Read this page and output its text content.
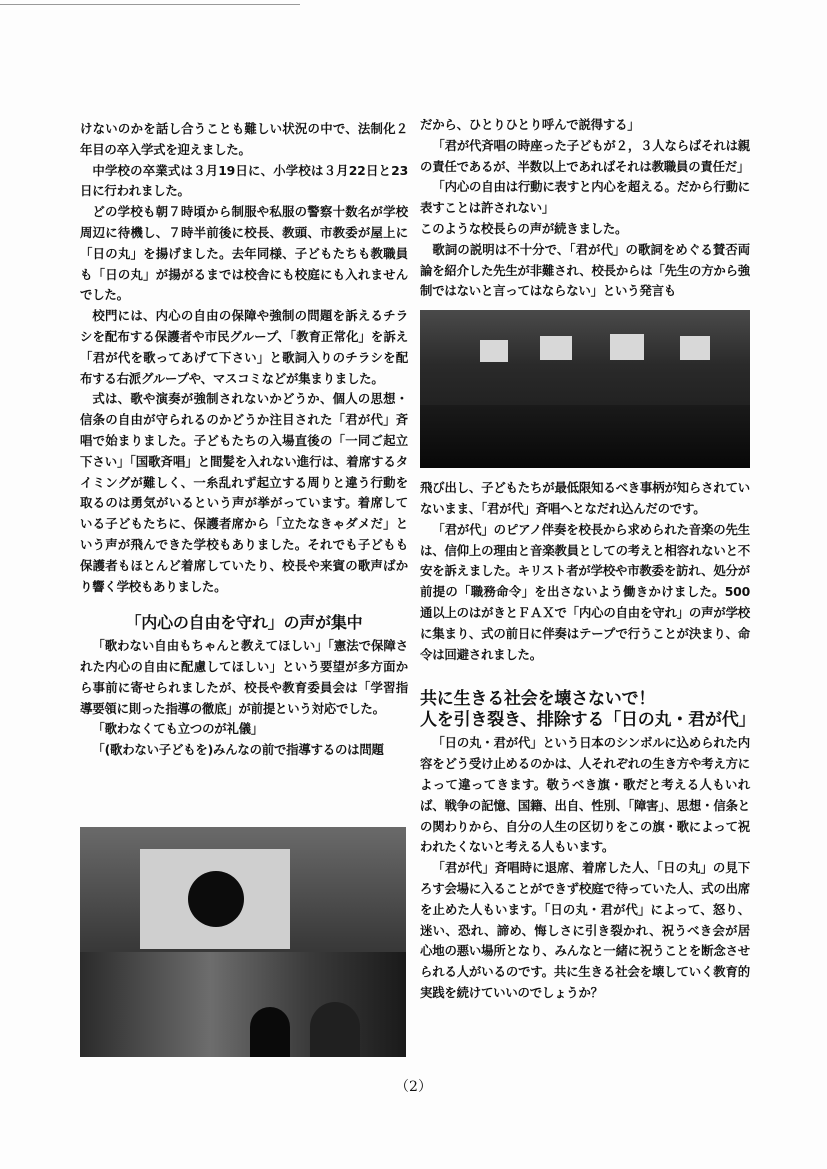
けないのかを話し合うことも難しい状況の中で、法制化２年目の卒入学式を迎えました。

中学校の卒業式は３月19日に、小学校は３月22日と23日に行われました。

どの学校も朝７時頃から制服や私服の警察十数名が学校周辺に待機し、７時半前後に校長、教頭、市教委が屋上に「日の丸」を揚げました。去年同様、子どもたちも教職員も「日の丸」が揚がるまでは校舎にも校庭にも入れませんでした。

校門には、内心の自由の保障や強制の問題を訴えるチラシを配布する保護者や市民グループ、「教育正常化」を訴え「君が代を歌ってあげて下さい」と歌詞入りのチラシを配布する右派グループや、マスコミなどが集まりました。

式は、歌や演奏が強制されないかどうか、個人の思想・信条の自由が守られるのかどうか注目された「君が代」斉唱で始まりました。子どもたちの入場直後の「一同ご起立下さい」「国歌斉唱」と間髪を入れない進行は、着席するタイミングが難しく、一糸乱れず起立する周りと違う行動を取るのは勇気がいるという声が挙がっています。着席している子どもたちに、保護者席から「立たなきゃダメだ」という声が飛んできた学校もありました。それでも子どもも保護者もほとんど着席していたり、校長や来賓の歌声ばかり響く学校もありました。

「内心の自由を守れ」の声が集中

「歌わない自由もちゃんと教えてほしい」「憲法で保障された内心の自由に配慮してほしい」という要望が多方面から事前に寄せられましたが、校長や教育委員会は「学習指導要領に則った指導の徹底」が前提という対応でした。

「歌わなくても立つのが礼儀」

「(歌わない子どもを)みんなの前で指導するのは問題

だから、ひとりひとり呼んで説得する」

「君が代斉唱の時座った子どもが２，３人ならばそれは親の責任であるが、半数以上であればそれは教職員の責任だ」

「内心の自由は行動に表すと内心を超える。だから行動に表すことは許されない」

このような校長らの声が続きました。

歌詞の説明は不十分で、「君が代」の歌詞をめぐる賛否両論を紹介した先生が非難され、校長からは「先生の方から強制ではないと言ってはならない」という発言も

飛び出し、子どもたちが最低限知るべき事柄が知らされていないまま、「君が代」斉唱へとなだれ込んだのです。

「君が代」のピアノ伴奏を校長から求められた音楽の先生は、信仰上の理由と音楽教員としての考えと相容れないと不安を訴えました。キリスト者が学校や市教委を訪れ、処分が前提の「職務命令」を出さないよう働きかけました。500通以上のはがきとＦＡＸで「内心の自由を守れ」の声が学校に集まり、式の前日に伴奏はテープで行うことが決まり、命令は回避されました。

共に生きる社会を壊さないで！

人を引き裂き、排除する「日の丸・君が代」

「日の丸・君が代」という日本のシンボルに込められた内容をどう受け止めるのかは、人それぞれの生き方や考え方によって違ってきます。敬うべき旗・歌だと考える人もいれば、戦争の記憶、国籍、出自、性別、「障害」、思想・信条との関わりから、自分の人生の区切りをこの旗・歌によって祝われたくないと考える人もいます。

「君が代」斉唱時に退席、着席した人、「日の丸」の見下ろす会場に入ることができず校庭で待っていた人、式の出席を止めた人もいます。「日の丸・君が代」によって、怒り、迷い、恐れ、諦め、悔しさに引き裂かれ、祝うべき会が居心地の悪い場所となり、みんなと一緒に祝うことを断念させられる人がいるのです。共に生きる社会を壊していく教育的実践を続けていいのでしょうか？

（2）
